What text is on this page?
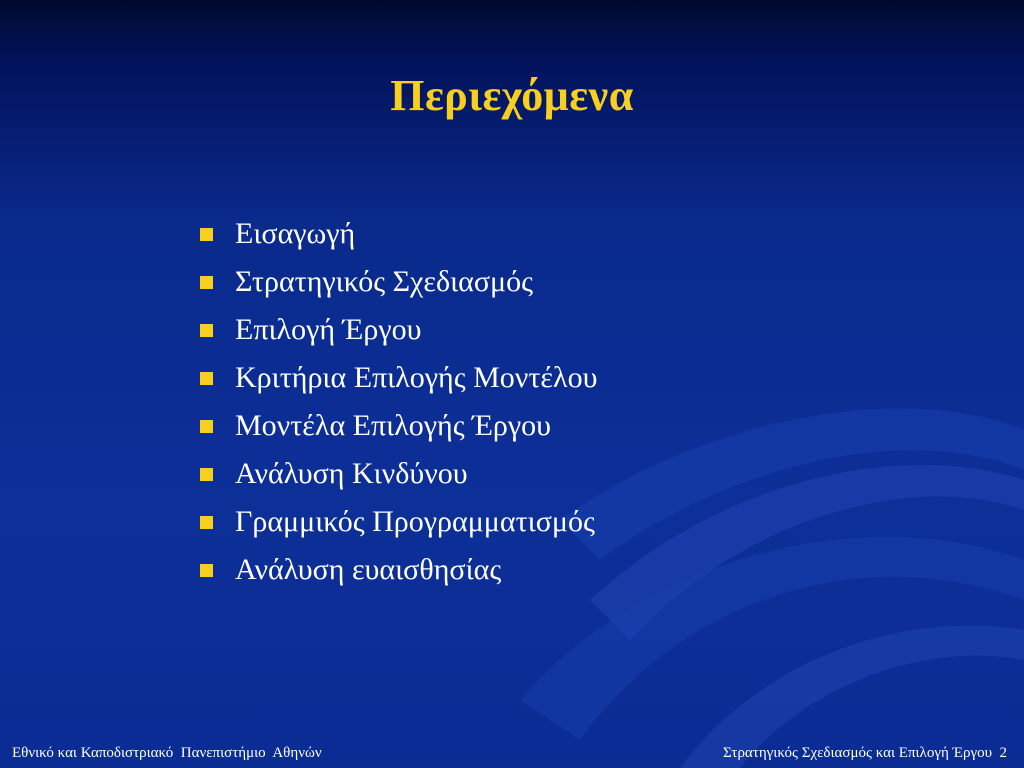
Περιεχόμενα
Εισαγωγή
Στρατηγικός Σχεδιασμός
Επιλογή Έργου
Κριτήρια Επιλογής Μοντέλου
Μοντέλα Επιλογής Έργου
Ανάλυση Κινδύνου
Γραμμικός Προγραμματισμός
Ανάλυση ευαισθησίας
Εθνικό και Καποδιστριακό  Πανεπιστήμιο  Αθηνών	Στρατηγικός Σχεδιασμός και Επιλογή Έργου 2
